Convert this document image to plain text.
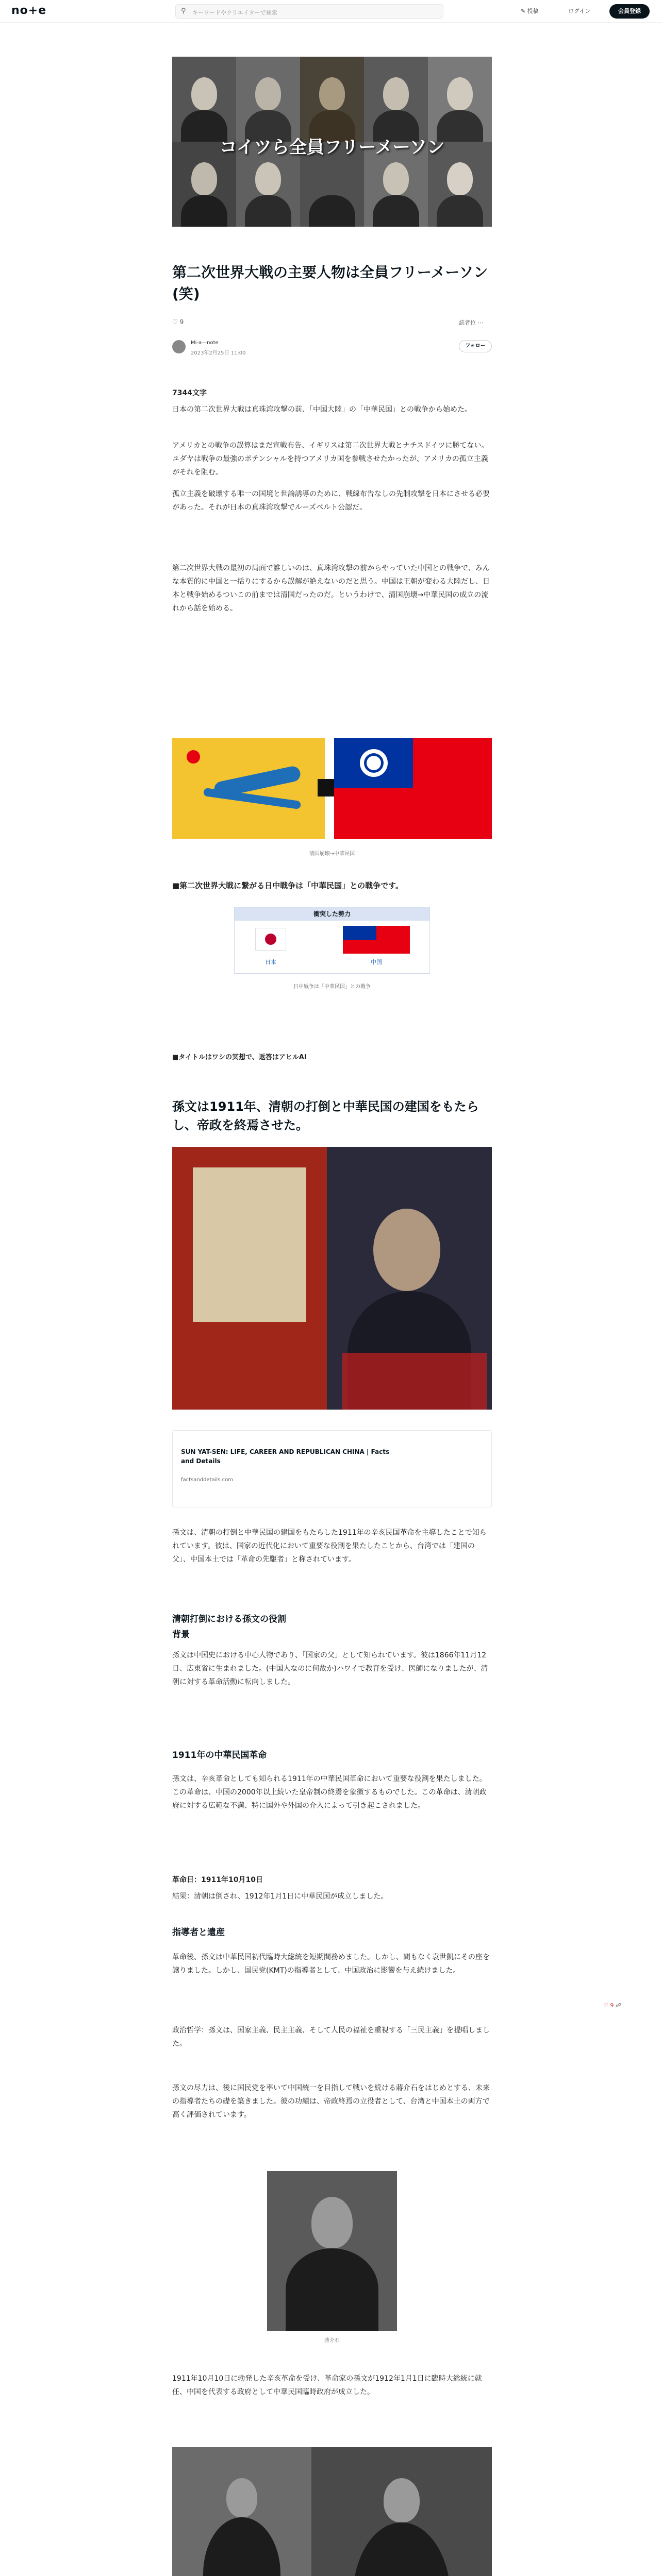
no+e	⚲ キーワードやクリエイターで検索	✎ 投稿	ログイン	会員登録
コイツら全員フリーメーソン
第二次世界大戦の主要人物は全員フリーメーソン(笑)
♡ 9	読者位 ⋯
Mi-a—note
2023年2月25日 11:00
フォロー
7344文字
日本の第二次世界大戦は真珠湾攻撃の前、「中国大陸」の「中華民国」との戦争から始めた。
アメリカとの戦争の誤算はまだ宣戦布告、イギリスは第二次世界大戦とナチスドイツに勝てない。ユダヤは戦争の最強のポテンシャルを持つアメリカ国を参戦させたかったが、アメリカの孤立主義がそれを阻む。
孤立主義を破壊する唯一の国境と世論誘導のために、戦線布告なしの先制攻撃を日本にさせる必要があった。それが日本の真珠湾攻撃でルーズベルト公認だ。
第二次世界大戦の最初の局面で誰しいのは、真珠湾攻撃の前からやっていた中国との戦争で、みんな本質的に中国と一括りにするから誤解が絶えないのだと思う。中国は王朝が変わる大陸だし、日本と戦争始めるついこの前までは清国だったのだ。というわけで、清国崩壊→中華民国の成立の流れから話を始める。
清国崩壊→中華民国
■第二次世界大戦に繋がる日中戦争は「中華民国」との戦争です。
衝突した勢力
日本	中国
日中戦争は「中華民国」との戦争
■タイトルはワシの冥想で、返答はアヒルAI
孫文は1911年、清朝の打倒と中華民国の建国をもたらし、帝政を終焉させた。
SUN YAT-SEN: LIFE, CAREER AND REPUBLICAN CHINA | Facts and Details
factsanddetails.com
孫文は、清朝の打倒と中華民国の建国をもたらした1911年の辛亥民国革命を主導したことで知られています。彼は、国家の近代化において重要な役割を果たしたことから、台湾では「建国の父」、中国本土では「革命の先駆者」と称されています。
清朝打倒における孫文の役割
背景
孫文は中国史における中心人物であり、「国家の父」として知られています。彼は1866年11月12日、広東省に生まれました。(中国人なのに何故か)ハワイで教育を受け、医師になりましたが、清朝に対する革命活動に転向しました。
1911年の中華民国革命
孫文は、辛亥革命としても知られる1911年の中華民国革命において重要な役割を果たしました。この革命は、中国の2000年以上続いた皇帝制の終焉を象徴するものでした。この革命は、清朝政府に対する広範な不満、特に国外や外国の介入によって引き起こされました。
革命日：1911年10月10日
結果：清朝は倒され、1912年1月1日に中華民国が成立しました。
指導者と遺産
革命後、孫文は中華民国初代臨時大総統を短期間務めました。しかし、間もなく袁世凱にその座を譲りました。しかし、国民党(KMT)の指導者として、中国政治に影響を与え続けました。
政治哲学：孫文は、国家主義、民主主義、そして人民の福祉を重視する「三民主義」を提唱しました。
孫文の尽力は、後に国民党を率いて中国統一を目指して戦いを続ける蔣介石をはじめとする、未来の指導者たちの礎を築きました。彼の功績は、帝政終焉の立役者として、台湾と中国本土の両方で高く評価されています。
♡ 9 ☍
蔣介石
1911年10月10日に勃発した辛亥革命を受け、革命家の孫文が1912年1月1日に臨時大総統に就任、中国を代表する政府として中華民国臨時政府が成立した。
